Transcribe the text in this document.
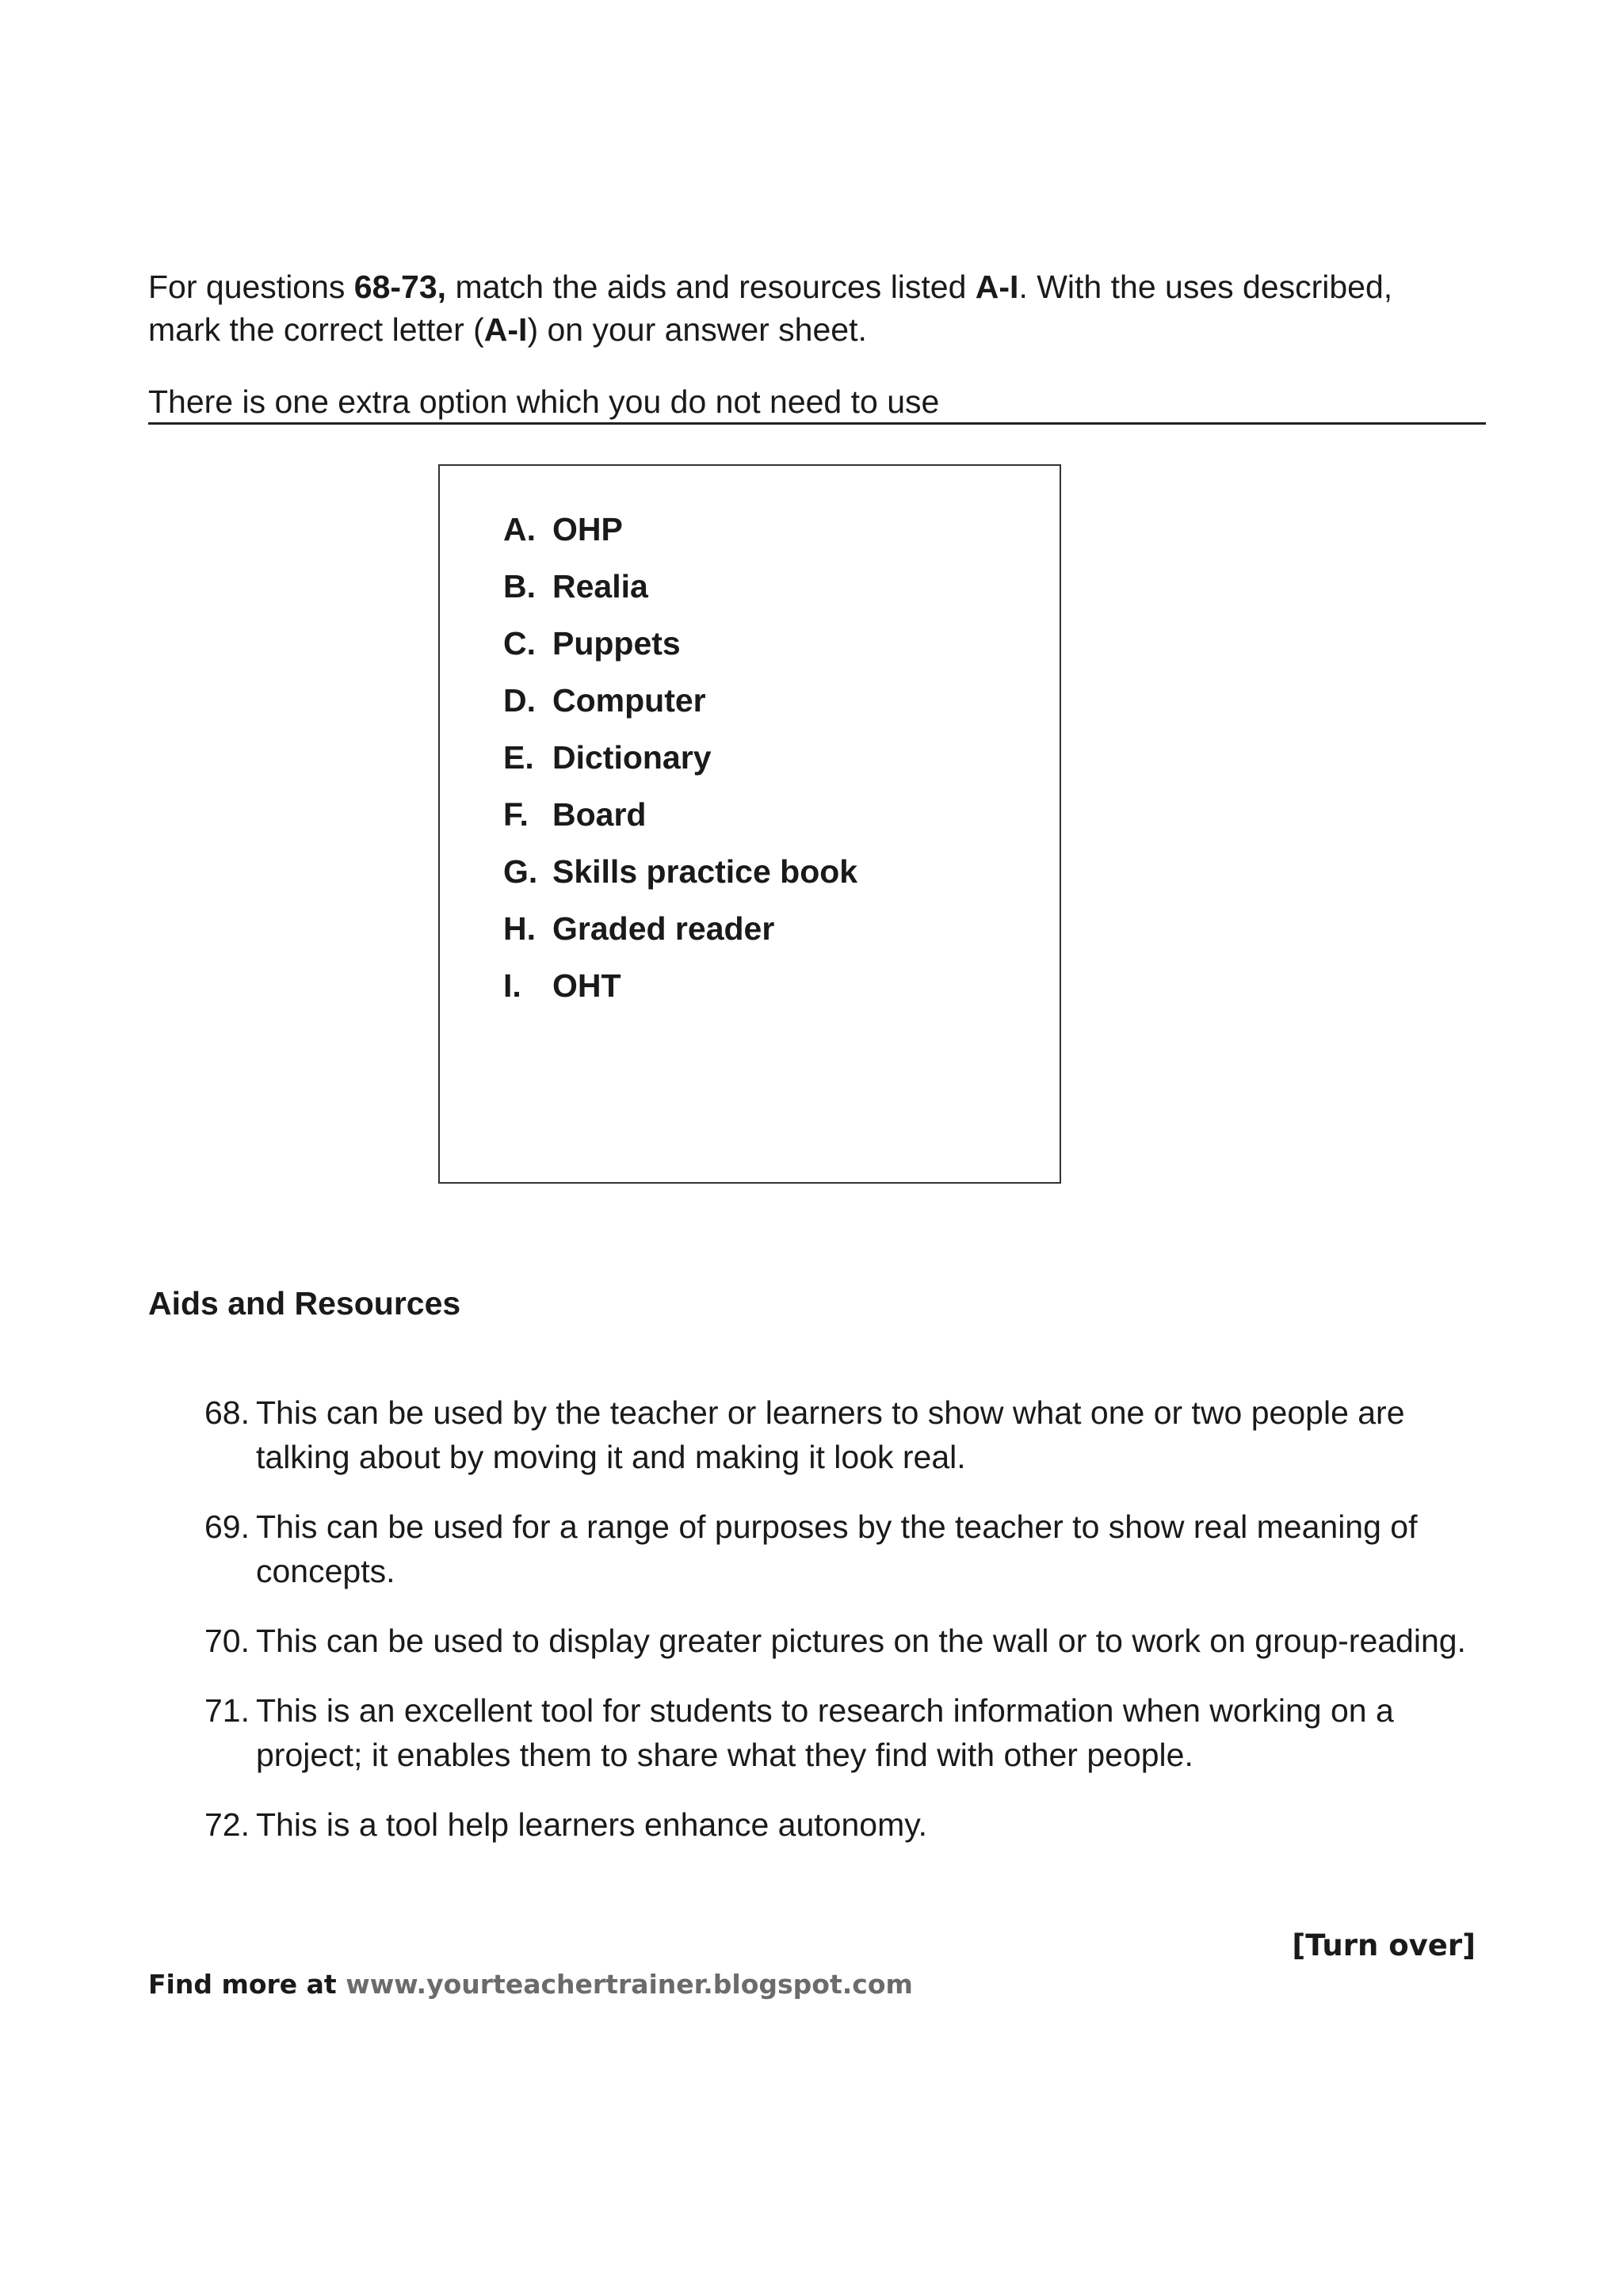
For questions 68-73, match the aids and resources listed A-I. With the uses described,

mark the correct letter (A-I) on your answer sheet.

There is one extra option which you do not need to use
A. OHP
B. Realia
C. Puppets
D. Computer
E. Dictionary
F. Board
G. Skills practice book
H. Graded reader
I. OHT
Aids and Resources
68. This can be used by the teacher or learners to show what one or two people are talking about by moving it and making it look real.
69. This can be used for a range of purposes by the teacher to show real meaning of concepts.
70. This can be used to display greater pictures on the wall or to work on group-reading.
71. This is an excellent tool for students to research information when working on a project; it enables them to share what they find with other people.
72. This is a tool help learners enhance autonomy.
[Turn over]
Find more at www.yourteachertrainer.blogspot.com
